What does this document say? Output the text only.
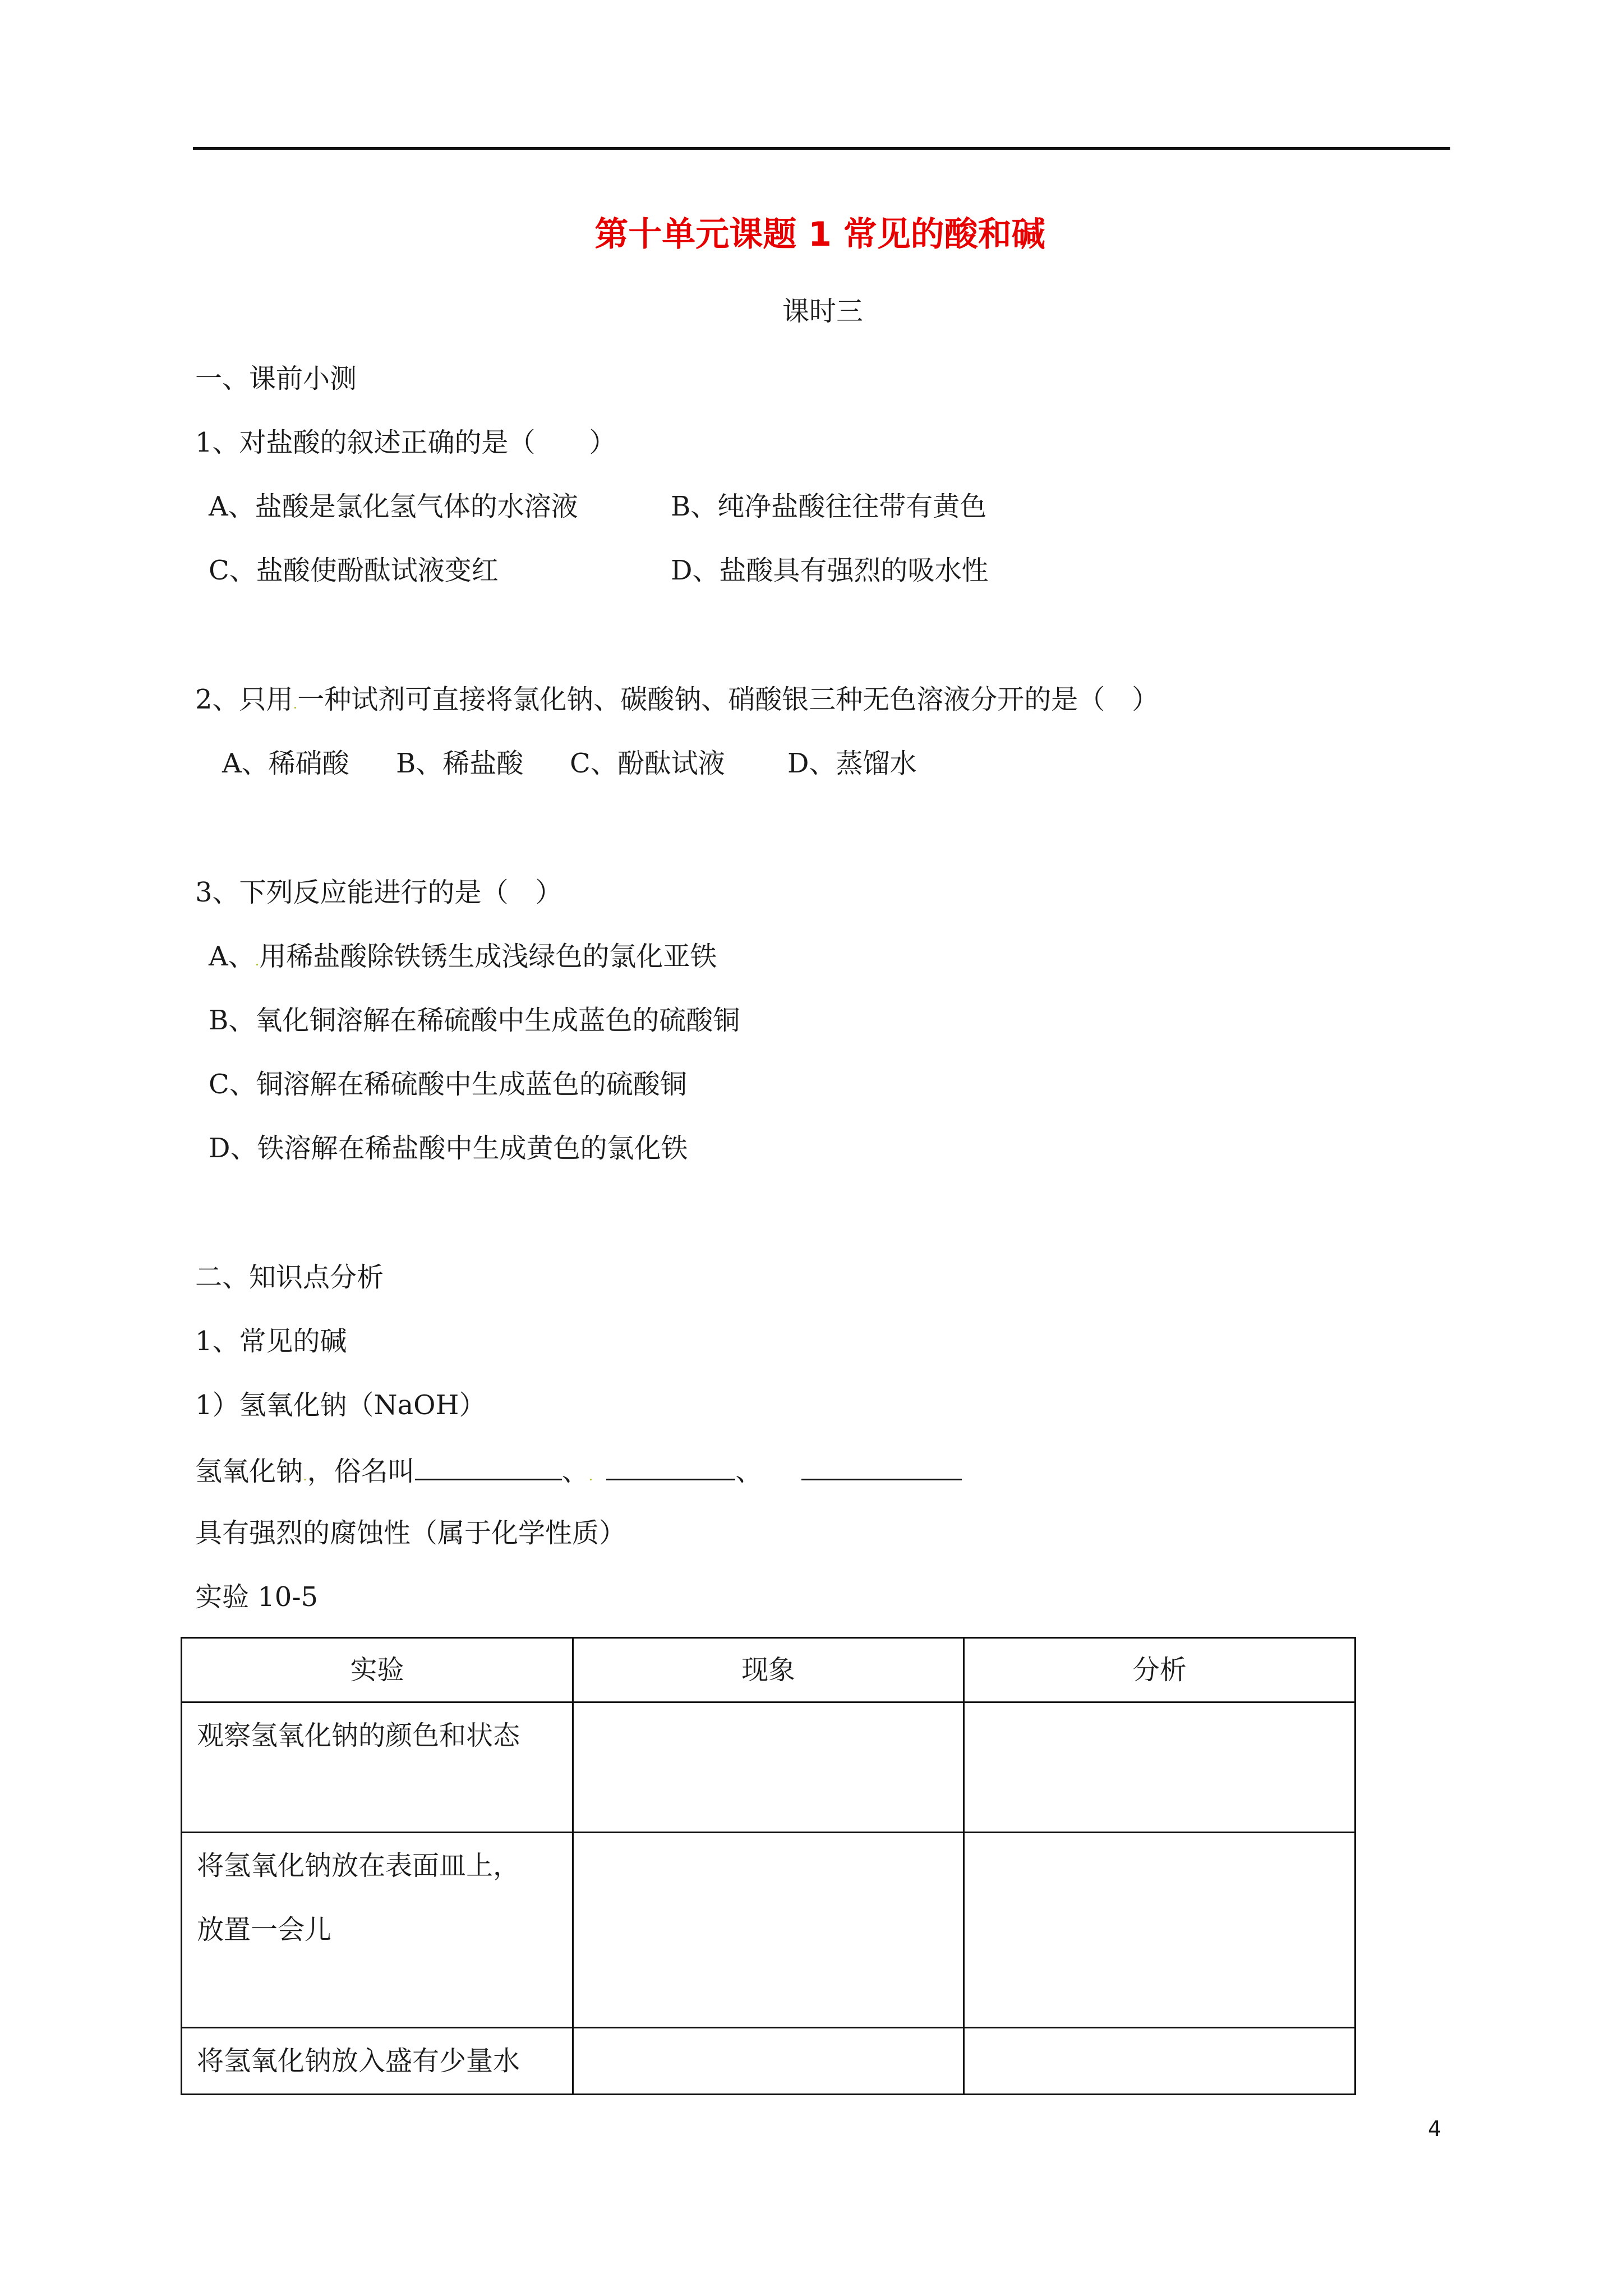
第十单元课题 1 常见的酸和碱
课时三
一、课前小测
1、对盐酸的叙述正确的是（　　）
A、盐酸是氯化氢气体的水溶液	B、纯净盐酸往往带有黄色
C、盐酸使酚酞试液变红	D、盐酸具有强烈的吸水性
2、只用.一种试剂可直接将氯化钠、碳酸钠、硝酸银三种无色溶液分开的是（　）
A、稀硝酸 B、稀盐酸 C、酚酞试液 D、蒸馏水
3、下列反应能进行的是（　）
A、.用稀盐酸除铁锈生成浅绿色的氯化亚铁
B、氧化铜溶解在稀硫酸中生成蓝色的硫酸铜
C、铜溶解在稀硫酸中生成蓝色的硫酸铜
D、铁溶解在稀盐酸中生成黄色的氯化铁
二、知识点分析
1、常见的碱
1）氢氧化钠（NaOH）
氢氧化钠.，俗名叫	、.	、
具有强烈的腐蚀性（属于化学性质）
实验 10-5
实验	现象	分析

观察氢氧化钠的颜色和状态		

将氢氧化钠放在表面皿上，
放置一会儿		

将氢氧化钠放入盛有少量水		

4
